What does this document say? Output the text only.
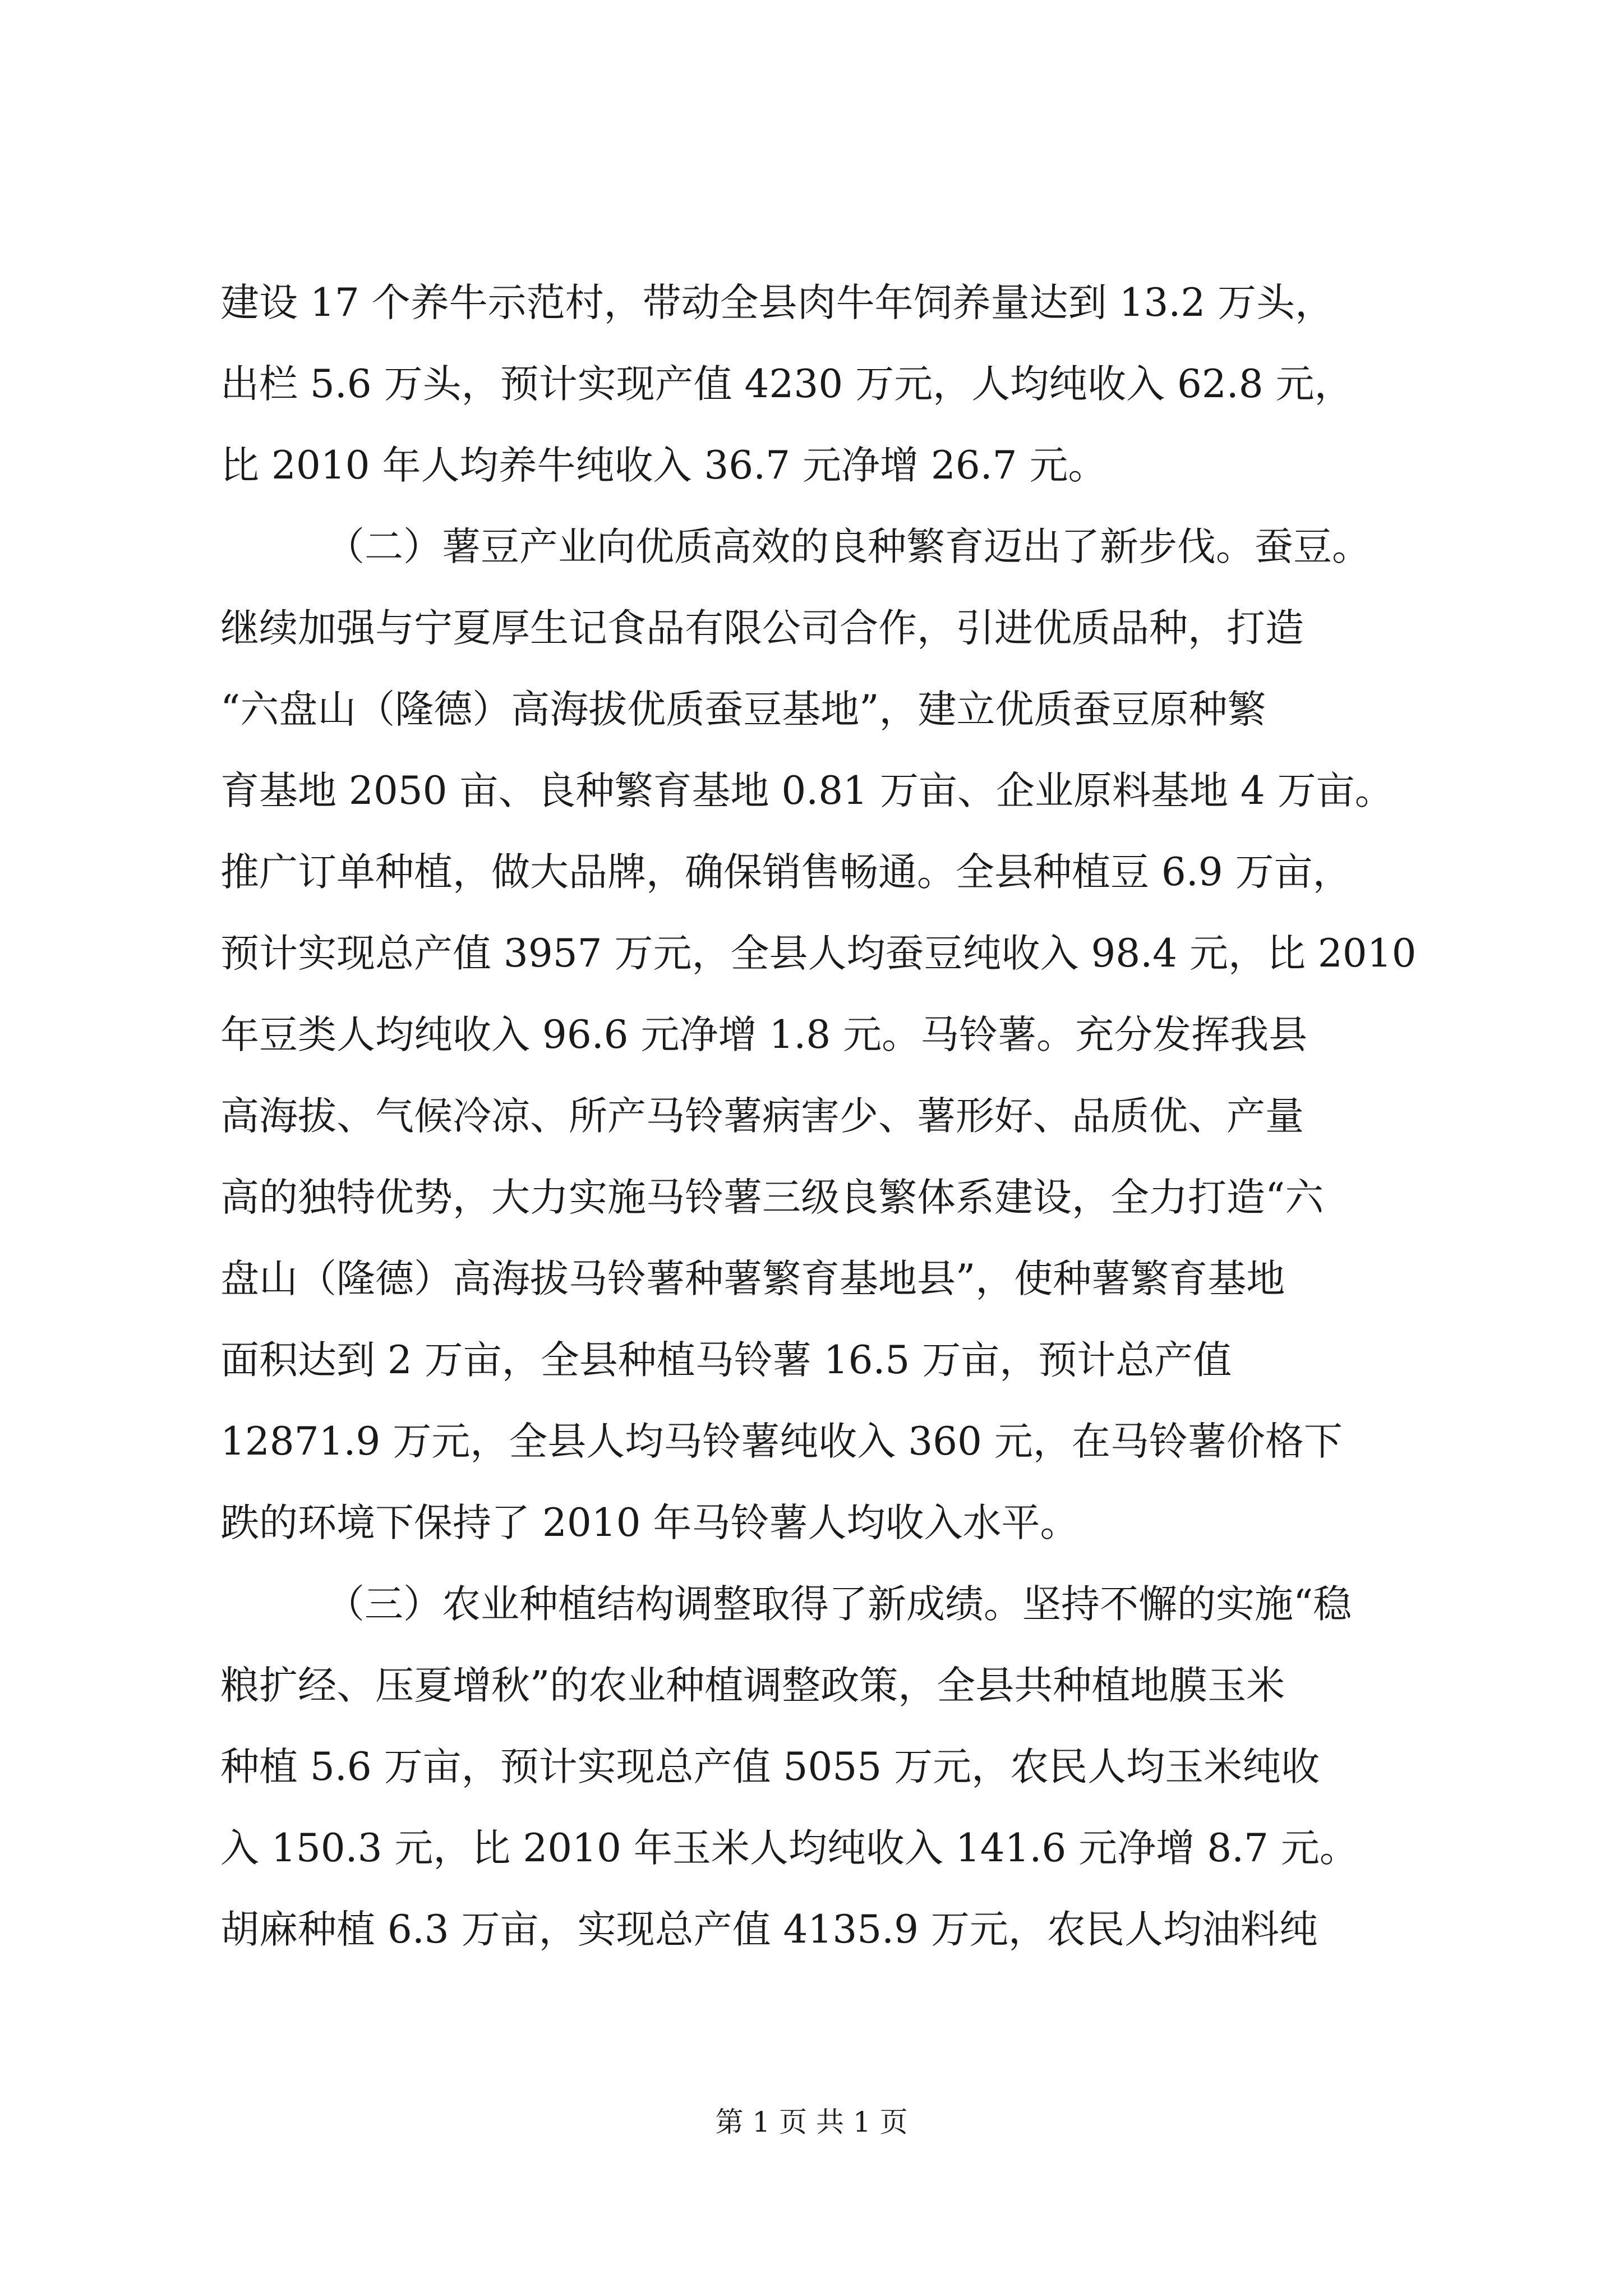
建设 17 个养牛示范村，带动全县肉牛年饲养量达到 13.2 万头，
出栏 5.6 万头，预计实现产值 4230 万元，人均纯收入 62.8 元，
比 2010 年人均养牛纯收入 36.7 元净增 26.7 元。
（二）薯豆产业向优质高效的良种繁育迈出了新步伐。蚕豆。
继续加强与宁夏厚生记食品有限公司合作，引进优质品种，打造
“六盘山（隆德）高海拔优质蚕豆基地”，建立优质蚕豆原种繁
育基地 2050 亩、良种繁育基地 0.81 万亩、企业原料基地 4 万亩。
推广订单种植，做大品牌，确保销售畅通。全县种植豆 6.9 万亩，
预计实现总产值 3957 万元，全县人均蚕豆纯收入 98.4 元，比 2010
年豆类人均纯收入 96.6 元净增 1.8 元。马铃薯。充分发挥我县
高海拔、气候冷凉、所产马铃薯病害少、薯形好、品质优、产量
高的独特优势，大力实施马铃薯三级良繁体系建设，全力打造“六
盘山（隆德）高海拔马铃薯种薯繁育基地县”，使种薯繁育基地
面积达到 2 万亩，全县种植马铃薯 16.5 万亩，预计总产值
12871.9 万元，全县人均马铃薯纯收入 360 元，在马铃薯价格下
跌的环境下保持了 2010 年马铃薯人均收入水平。
（三）农业种植结构调整取得了新成绩。坚持不懈的实施“稳
粮扩经、压夏增秋”的农业种植调整政策，全县共种植地膜玉米
种植 5.6 万亩，预计实现总产值 5055 万元，农民人均玉米纯收
入 150.3 元，比 2010 年玉米人均纯收入 141.6 元净增 8.7 元。
胡麻种植 6.3 万亩，实现总产值 4135.9 万元，农民人均油料纯
第 1 页 共 1 页
